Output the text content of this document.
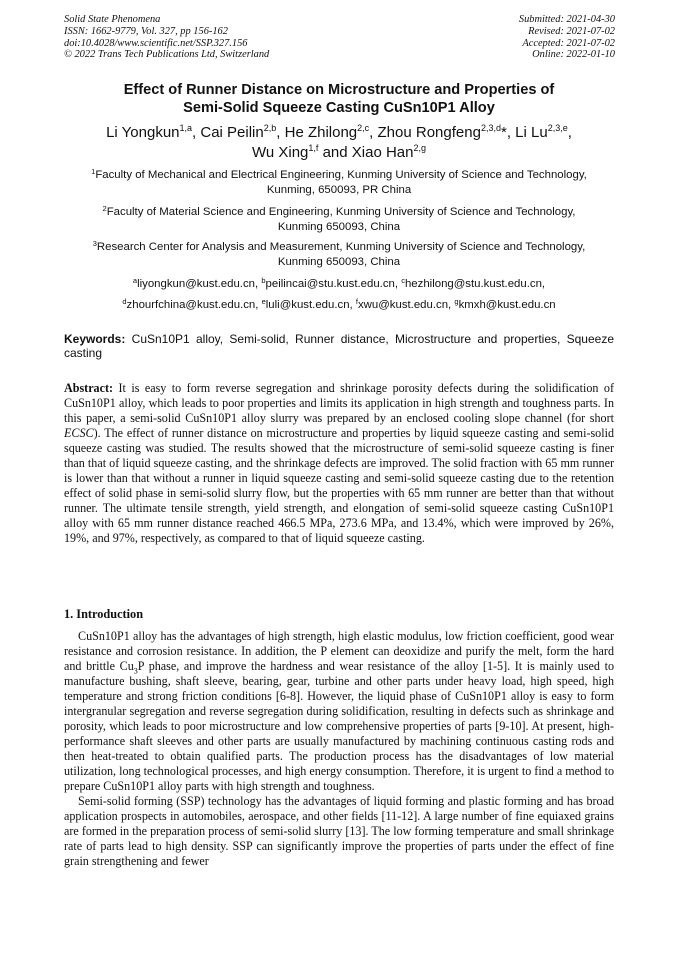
Solid State Phenomena
ISSN: 1662-9779, Vol. 327, pp 156-162
doi:10.4028/www.scientific.net/SSP.327.156
© 2022 Trans Tech Publications Ltd, Switzerland
Submitted: 2021-04-30
Revised: 2021-07-02
Accepted: 2021-07-02
Online: 2022-01-10
Effect of Runner Distance on Microstructure and Properties of
Semi-Solid Squeeze Casting CuSn10P1 Alloy
Li Yongkun$^{1,a}$, Cai Peilin$^{2,b}$, He Zhilong$^{2,c}$, Zhou Rongfeng$^{2,3,d}$*, Li Lu$^{2,3,e}$,
Wu Xing$^{1,f}$ and Xiao Han$^{2,g}$
$^1$Faculty of Mechanical and Electrical Engineering, Kunming University of Science and Technology,
Kunming, 650093, PR China
$^2$Faculty of Material Science and Engineering, Kunming University of Science and Technology,
Kunming 650093, China
$^3$Research Center for Analysis and Measurement, Kunming University of Science and Technology,
Kunming 650093, China
$^a$liyongkun@kust.edu.cn, $^b$peilincai@stu.kust.edu.cn, $^c$hezhilong@stu.kust.edu.cn,
$^d$zhourfchina@kust.edu.cn, $^e$luli@kust.edu.cn, $^f$xwu@kust.edu.cn, $^g$kmxh@kust.edu.cn
Keywords: CuSn10P1 alloy, Semi-solid, Runner distance, Microstructure and properties, Squeeze casting
Abstract: It is easy to form reverse segregation and shrinkage porosity defects during the solidification of CuSn10P1 alloy, which leads to poor properties and limits its application in high strength and toughness parts. In this paper, a semi-solid CuSn10P1 alloy slurry was prepared by an enclosed cooling slope channel (for short ECSC). The effect of runner distance on microstructure and properties by liquid squeeze casting and semi-solid squeeze casting was studied. The results showed that the microstructure of semi-solid squeeze casting is finer than that of liquid squeeze casting, and the shrinkage defects are improved. The solid fraction with 65 mm runner is lower than that without a runner in liquid squeeze casting and semi-solid squeeze casting due to the retention effect of solid phase in semi-solid slurry flow, but the properties with 65 mm runner are better than that without runner. The ultimate tensile strength, yield strength, and elongation of semi-solid squeeze casting CuSn10P1 alloy with 65 mm runner distance reached 466.5 MPa, 273.6 MPa, and 13.4%, which were improved by 26%, 19%, and 97%, respectively, as compared to that of liquid squeeze casting.
1. Introduction

CuSn10P1 alloy has the advantages of high strength, high elastic modulus, low friction coefficient, good wear resistance and corrosion resistance. In addition, the P element can deoxidize and purify the melt, form the hard and brittle $Cu_3P$ phase, and improve the hardness and wear resistance of the alloy [1-5]. It is mainly used to manufacture bushing, shaft sleeve, bearing, gear, turbine and other parts under heavy load, high speed, high temperature and strong friction conditions [6-8]. However, the liquid phase of CuSn10P1 alloy is easy to form intergranular segregation and reverse segregation during solidification, resulting in defects such as shrinkage and porosity, which leads to poor microstructure and low comprehensive properties of parts [9-10]. At present, high-performance shaft sleeves and other parts are usually manufactured by machining continuous casting rods and then heat-treated to obtain qualified parts. The production process has the disadvantages of low material utilization, long technological processes, and high energy consumption. Therefore, it is urgent to find a method to prepare CuSn10P1 alloy parts with high strength and toughness.

Semi-solid forming (SSP) technology has the advantages of liquid forming and plastic forming and has broad application prospects in automobiles, aerospace, and other fields [11-12]. A large number of fine equiaxed grains are formed in the preparation process of semi-solid slurry [13]. The low forming temperature and small shrinkage rate of parts lead to high density. SSP can significantly improve the properties of parts under the effect of fine grain strengthening and fewer
